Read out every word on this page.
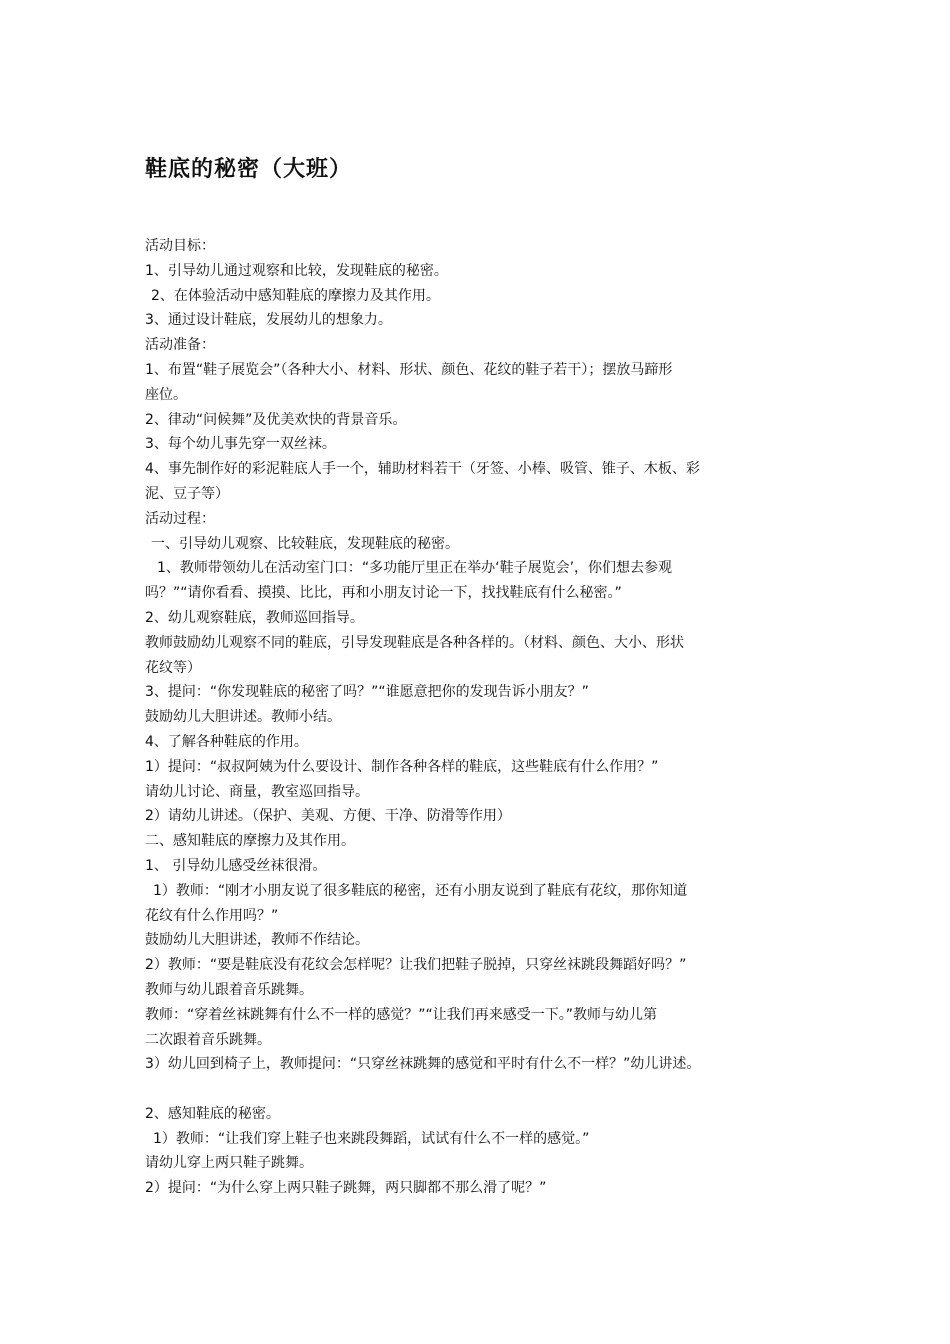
鞋底的秘密（大班）
活动目标：
1、引导幼儿通过观察和比较，发现鞋底的秘密。
2、在体验活动中感知鞋底的摩擦力及其作用。
3、通过设计鞋底，发展幼儿的想象力。
活动准备：
1、布置“鞋子展览会”（各种大小、材料、形状、颜色、花纹的鞋子若干）；摆放马蹄形
座位。
2、律动“问候舞”及优美欢快的背景音乐。
3、每个幼儿事先穿一双丝袜。
4、事先制作好的彩泥鞋底人手一个，辅助材料若干（牙签、小棒、吸管、锥子、木板、彩
泥、豆子等）
活动过程：
一、引导幼儿观察、比较鞋底，发现鞋底的秘密。
1、教师带领幼儿在活动室门口：“多功能厅里正在举办‘鞋子展览会’，你们想去参观
吗？”“请你看看、摸摸、比比，再和小朋友讨论一下，找找鞋底有什么秘密。”
2、幼儿观察鞋底，教师巡回指导。
教师鼓励幼儿观察不同的鞋底，引导发现鞋底是各种各样的。（材料、颜色、大小、形状
花纹等）
3、提问：“你发现鞋底的秘密了吗？”“谁愿意把你的发现告诉小朋友？”
鼓励幼儿大胆讲述。教师小结。
4、了解各种鞋底的作用。
1）提问：“叔叔阿姨为什么要设计、制作各种各样的鞋底，这些鞋底有什么作用？”
请幼儿讨论、商量，教室巡回指导。
2）请幼儿讲述。（保护、美观、方便、干净、防滑等作用）
二、感知鞋底的摩擦力及其作用。
1、 引导幼儿感受丝袜很滑。
1）教师：“刚才小朋友说了很多鞋底的秘密，还有小朋友说到了鞋底有花纹，那你知道
花纹有什么作用吗？”
鼓励幼儿大胆讲述，教师不作结论。
2）教师：“要是鞋底没有花纹会怎样呢？让我们把鞋子脱掉，只穿丝袜跳段舞蹈好吗？”
教师与幼儿跟着音乐跳舞。
教师：“穿着丝袜跳舞有什么不一样的感觉？”“让我们再来感受一下。”教师与幼儿第
二次跟着音乐跳舞。
3）幼儿回到椅子上，教师提问：“只穿丝袜跳舞的感觉和平时有什么不一样？”幼儿讲述。
2、感知鞋底的秘密。
1）教师：“让我们穿上鞋子也来跳段舞蹈，试试有什么不一样的感觉。”
请幼儿穿上两只鞋子跳舞。
2）提问：“为什么穿上两只鞋子跳舞，两只脚都不那么滑了呢？”
